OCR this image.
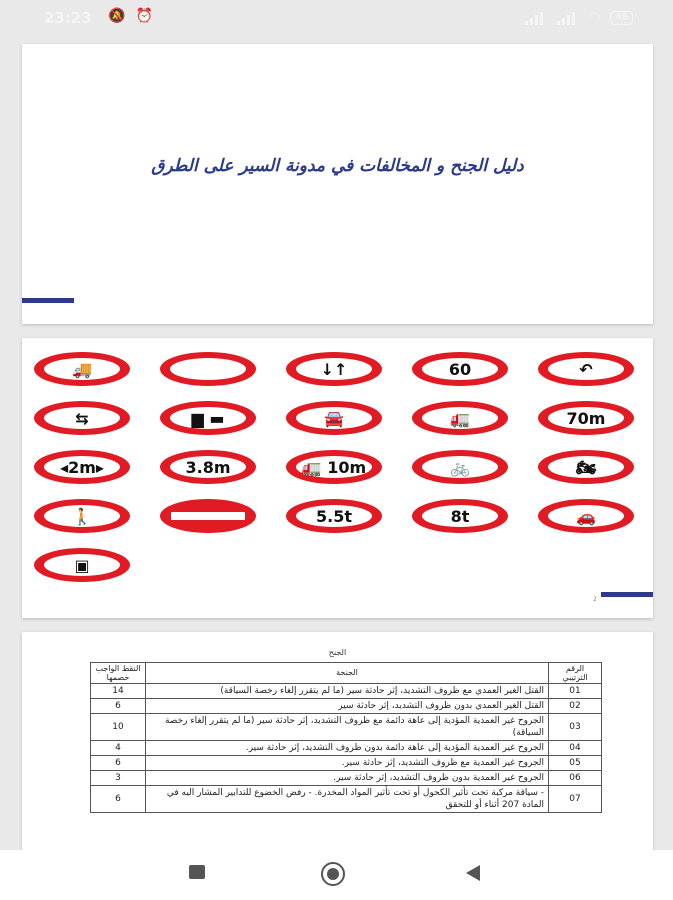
23:23 🔕 ⏰	◠	48
دليل الجنح و المخالفات في مدونة السير على الطرق
🚚	↓↑	60	↶
⇆	▆ ▬	🚘	🚛	70m
◂2m▸	3.8m	🚛 10m	🚲	🏍
🚶	5.5t	8t	🚗
▣
2
الجنح
الرقم الترتيبي	الجنحة	النقط الواجب خصمها
01	القتل الغير العمدي مع ظروف التشديد، إثر حادثة سير (ما لم يتقرر إلغاء رخصة السياقة)	14
02	القتل الغير العمدي بدون ظروف التشديد، إثر حادثة سير	6
03	الجروح غير العمدية المؤدية إلى عاهة دائمة مع ظروف التشديد، إثر حادثة سير (ما لم يتقرر إلغاء رخصة السياقة)	10
04	الجروح غير العمدية المؤدية إلى عاهة دائمة بدون ظروف التشديد، إثر حادثة سير.	4
05	الجروح غير العمدية مع ظروف التشديد، إثر حادثة سير.	6
06	الجروح غير العمدية بدون ظروف التشديد، إثر حادثة سير.	3
07	- سياقة مركبة تحت تأثير الكحول أو تحت تأثير المواد المخدرة. - رفض الخضوع للتدابير المشار اليه في المادة 207 أثناء أو للتحقق	6
